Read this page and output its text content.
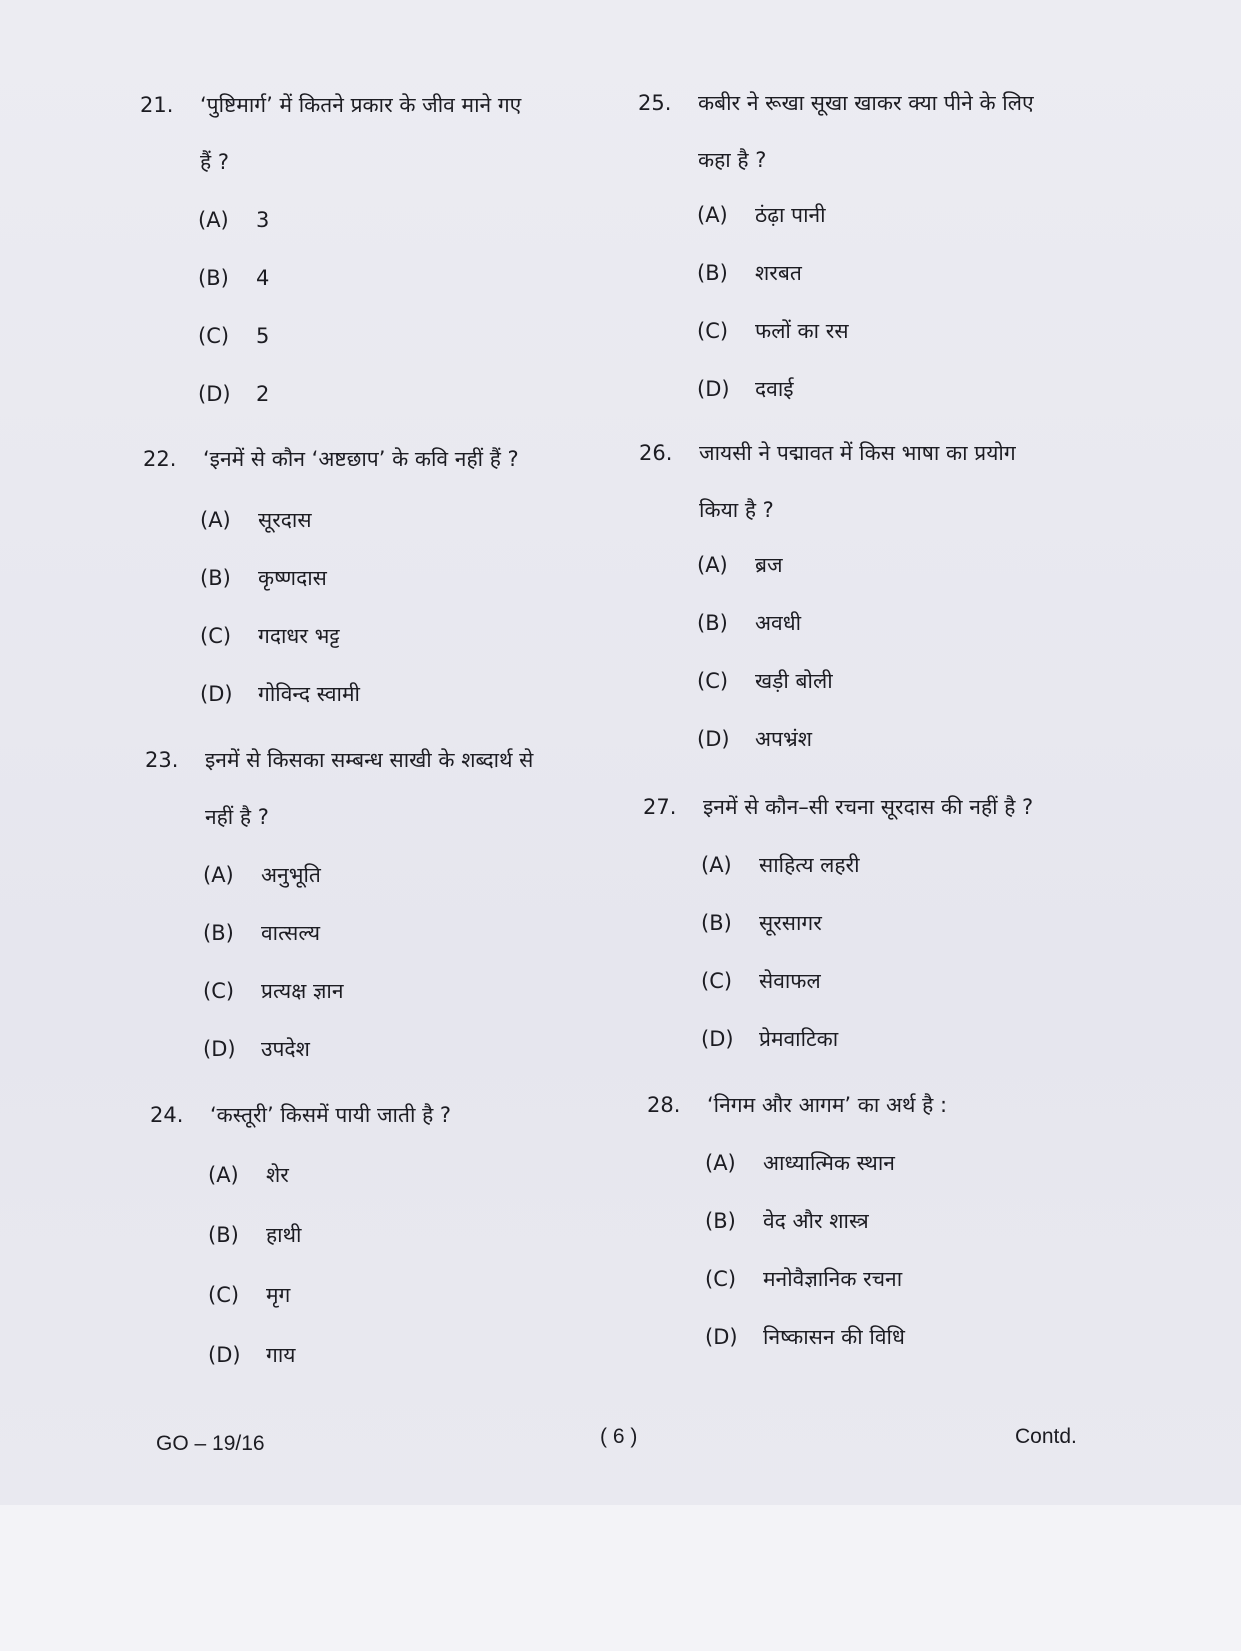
21.	‘पुष्टिमार्ग’ में कितने प्रकार के जीव माने गए
हैं ?
(A)	3
(B)	4
(C)	5
(D)	2
22.	‘इनमें से कौन ‘अष्टछाप’ के कवि नहीं हैं ?
(A)	सूरदास
(B)	कृष्णदास
(C)	गदाधर भट्ट
(D)	गोविन्द स्वामी
23.	इनमें से किसका सम्बन्ध साखी के शब्दार्थ से
नहीं है ?
(A)	अनुभूति
(B)	वात्सल्य
(C)	प्रत्यक्ष ज्ञान
(D)	उपदेश
24.	‘कस्तूरी’ किसमें पायी जाती है ?
(A)	शेर
(B)	हाथी
(C)	मृग
(D)	गाय
25.	कबीर ने रूखा सूखा खाकर क्या पीने के लिए
कहा है ?
(A)	ठंढ़ा पानी
(B)	शरबत
(C)	फलों का रस
(D)	दवाई
26.	जायसी ने पद्मावत में किस भाषा का प्रयोग
किया है ?
(A)	ब्रज
(B)	अवधी
(C)	खड़ी बोली
(D)	अपभ्रंश
27.	इनमें से कौन–सी रचना सूरदास की नहीं है ?
(A)	साहित्य लहरी
(B)	सूरसागर
(C)	सेवाफल
(D)	प्रेमवाटिका
28.	‘निगम और आगम’ का अर्थ है :
(A)	आध्यात्मिक स्थान
(B)	वेद और शास्त्र
(C)	मनोवैज्ञानिक रचना
(D)	निष्कासन की विधि
GO – 19/16	( 6 )	Contd.
